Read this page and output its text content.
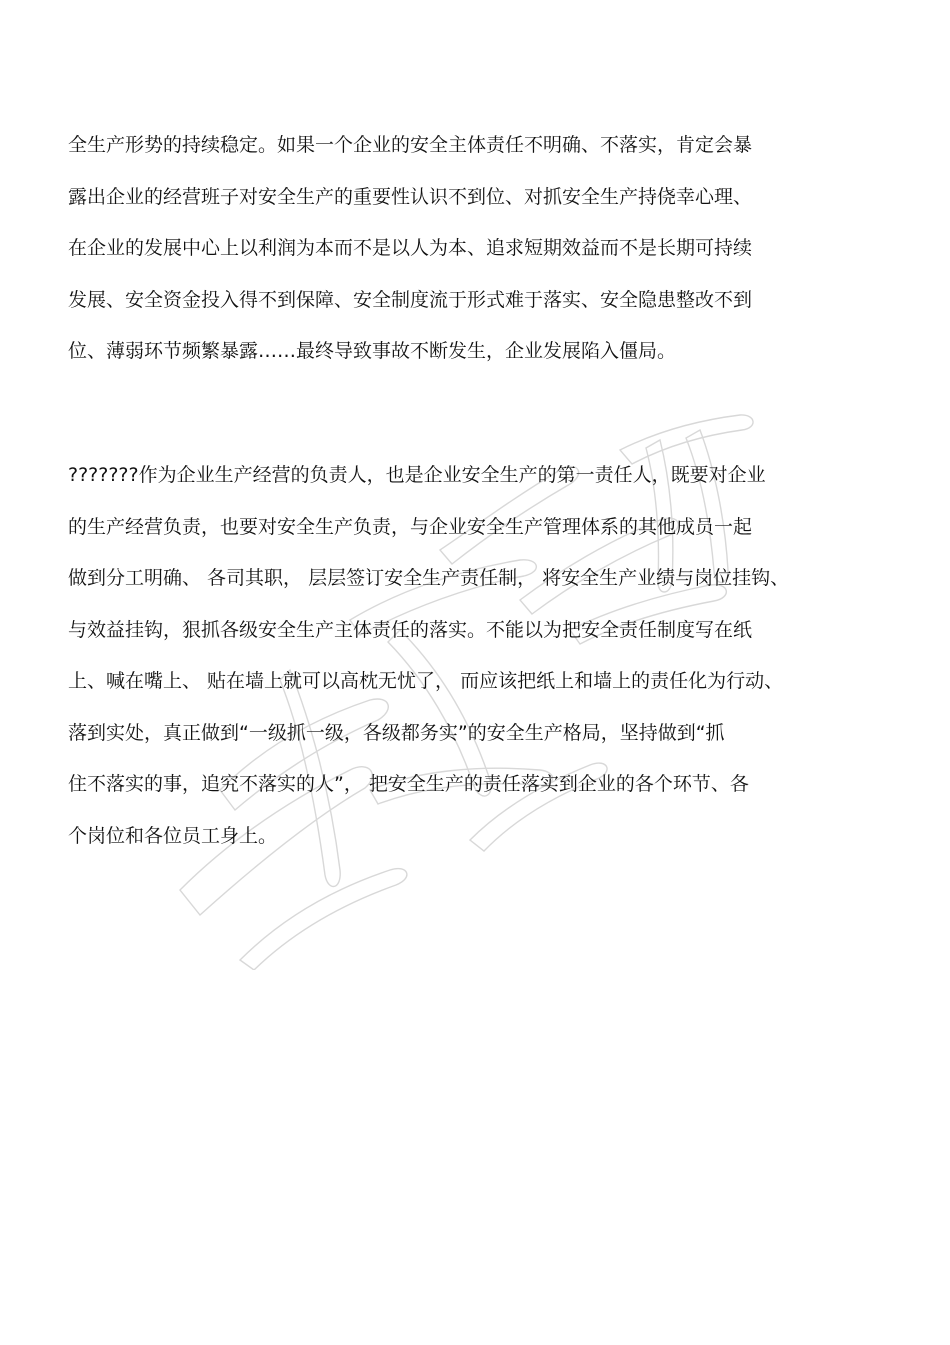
全生产形势的持续稳定。如果一个企业的安全主体责任不明确、不落实，肯定会暴
露出企业的经营班子对安全生产的重要性认识不到位、对抓安全生产持侥幸心理、
在企业的发展中心上以利润为本而不是以人为本、追求短期效益而不是长期可持续
发展、安全资金投入得不到保障、安全制度流于形式难于落实、安全隐患整改不到
位、薄弱环节频繁暴露……最终导致事故不断发生，企业发展陷入僵局。
???????作为企业生产经营的负责人，也是企业安全生产的第一责任人，既要对企业
的生产经营负责，也要对安全生产负责，与企业安全生产管理体系的其他成员一起
做到分工明确、 各司其职， 层层签订安全生产责任制， 将安全生产业绩与岗位挂钩、
与效益挂钩，狠抓各级安全生产主体责任的落实。不能以为把安全责任制度写在纸
上、喊在嘴上、 贴在墙上就可以高枕无忧了， 而应该把纸上和墙上的责任化为行动、
落到实处，真正做到“一级抓一级，各级都务实”的安全生产格局，坚持做到“抓
住不落实的事，追究不落实的人”， 把安全生产的责任落实到企业的各个环节、各
个岗位和各位员工身上。
